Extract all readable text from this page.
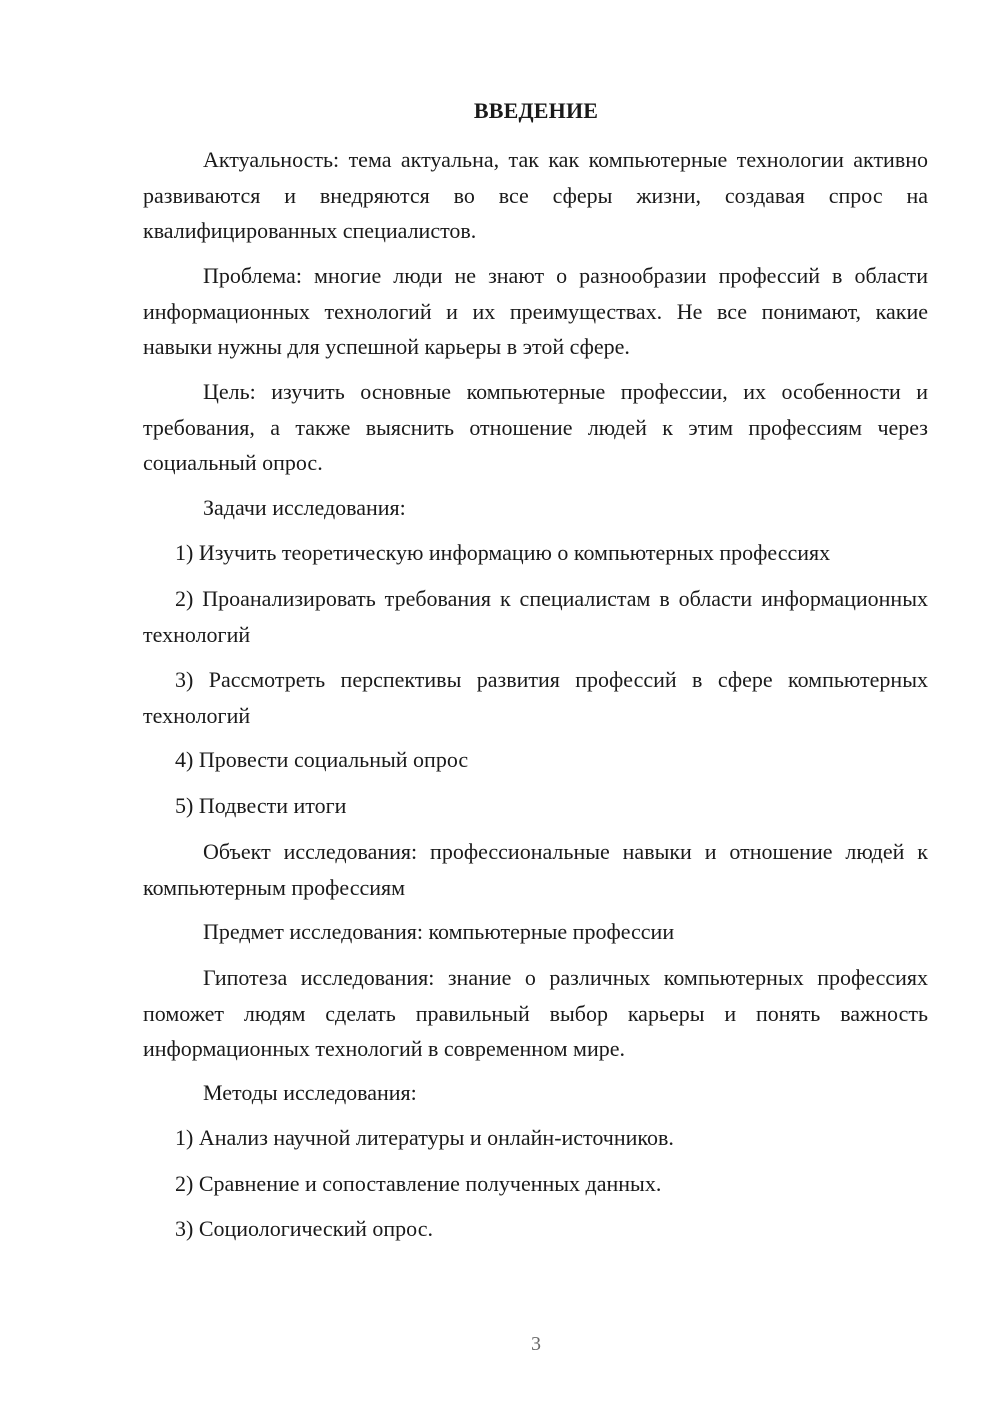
ВВЕДЕНИЕ
Актуальность: тема актуальна, так как компьютерные технологии активно развиваются и внедряются во все сферы жизни, создавая спрос на квалифицированных специалистов.
Проблема: многие люди не знают о разнообразии профессий в области информационных технологий и их преимуществах. Не все понимают, какие навыки нужны для успешной карьеры в этой сфере.
Цель: изучить основные компьютерные профессии, их особенности и требования, а также выяснить отношение людей к этим профессиям через социальный опрос.
Задачи исследования:
1) Изучить теоретическую информацию о компьютерных профессиях
2) Проанализировать требования к специалистам в области информационных технологий
3) Рассмотреть перспективы развития профессий в сфере компьютерных технологий
4) Провести социальный опрос
5) Подвести итоги
Объект исследования: профессиональные навыки и отношение людей к компьютерным профессиям
Предмет исследования: компьютерные профессии
Гипотеза исследования: знание о различных компьютерных профессиях поможет людям сделать правильный выбор карьеры и понять важность информационных технологий в современном мире.
Методы исследования:
1) Анализ научной литературы и онлайн-источников.
2) Сравнение и сопоставление полученных данных.
3) Социологический опрос.
3
